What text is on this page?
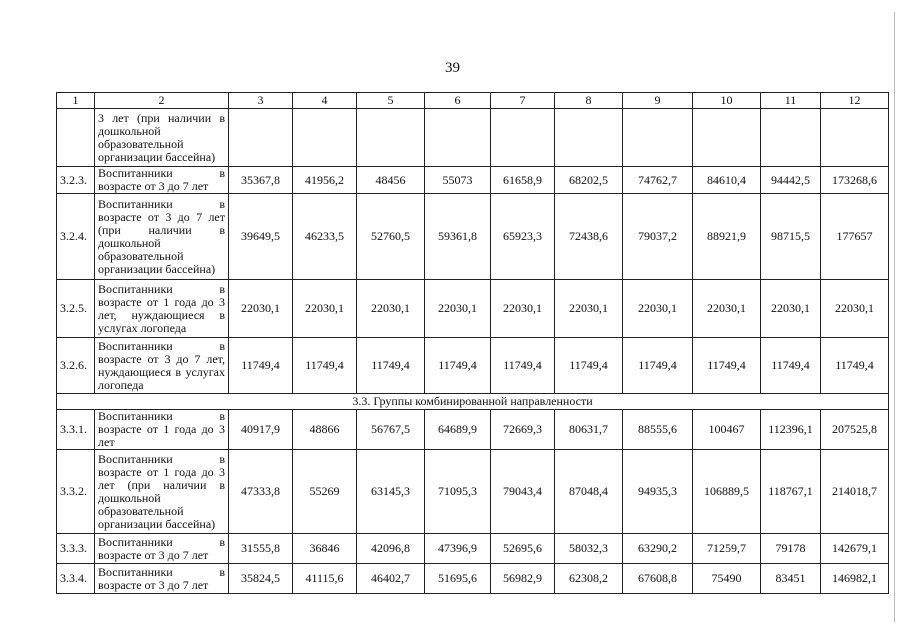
39
1	2	3	4	5	6	7	8	9	10	11	12
	3 лет (при наличии в дошкольной образовательной организации бассейна)										
3.2.3.	Воспитанники в возрасте от 3 до 7 лет	35367,8	41956,2	48456	55073	61658,9	68202,5	74762,7	84610,4	94442,5	173268,6
3.2.4.	Воспитанники в возрасте от 3 до 7 лет (при наличии в дошкольной образовательной организации бассейна)	39649,5	46233,5	52760,5	59361,8	65923,3	72438,6	79037,2	88921,9	98715,5	177657
3.2.5.	Воспитанники в возрасте от 1 года до 3 лет, нуждающиеся в услугах логопеда	22030,1	22030,1	22030,1	22030,1	22030,1	22030,1	22030,1	22030,1	22030,1	22030,1
3.2.6.	Воспитанники в возрасте от 3 до 7 лет, нуждающиеся в услугах логопеда	11749,4	11749,4	11749,4	11749,4	11749,4	11749,4	11749,4	11749,4	11749,4	11749,4
3.3. Группы комбинированной направленности											
3.3.1.	Воспитанники в возрасте от 1 года до 3 лет	40917,9	48866	56767,5	64689,9	72669,3	80631,7	88555,6	100467	112396,1	207525,8
3.3.2.	Воспитанники в возрасте от 1 года до 3 лет (при наличии в дошкольной образовательной организации бассейна)	47333,8	55269	63145,3	71095,3	79043,4	87048,4	94935,3	106889,5	118767,1	214018,7
3.3.3.	Воспитанники в возрасте от 3 до 7 лет	31555,8	36846	42096,8	47396,9	52695,6	58032,3	63290,2	71259,7	79178	142679,1
3.3.4.	Воспитанники в возрасте от 3 до 7 лет	35824,5	41115,6	46402,7	51695,6	56982,9	62308,2	67608,8	75490	83451	146982,1
